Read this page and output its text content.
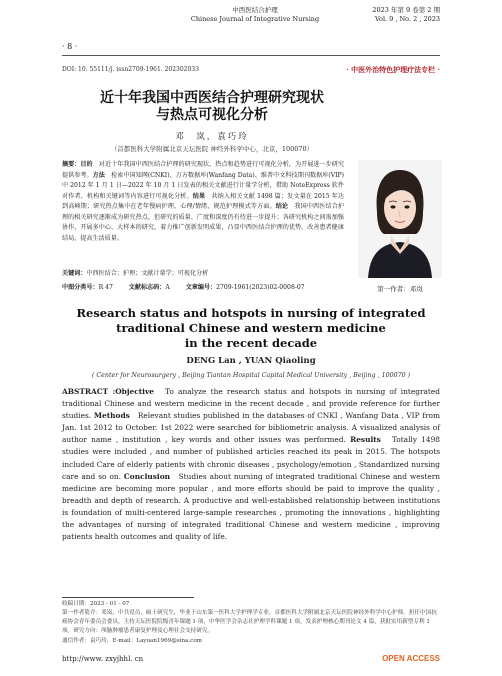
· 8 ·
中西医结合护理
Chinese Journal of Integrative Nursing
2023 年第 9 卷第 2 期
Vol. 9 , No. 2 , 2023
DOI: 10. 55111/j. issn2709-1961. 202302033	· 中医外治特色护理疗法专栏 ·
近十年我国中西医结合护理研究现状
与热点可视化分析
邓　岚，袁巧玲
（首都医科大学附属北京天坛医院 神经外科学中心，北京，100070）
摘要：目的　对近十年我国中西医结合护理的研究现状、热点和趋势进行可视化分析，为开展进一步研究提供参考。方法　检索中国知网(CNKI)、万方数据库(Wanfang Data)、维普中文科技期刊数据库(VIP)中 2012 年 1 月 1 日—2022 年 10 月 1 日发表的相关文献进行计量学分析，借助 NoteExpress 软件对作者、机构和关键词等内容进行可视化分析。结果　共纳入相关文献 1498 篇；发文量在 2015 年达到高峰期；研究热点集中在老年慢病护理、心理/情绪、规范护理模式等方面。结论　我国中西医结合护理的相关研究逐渐成为研究热点，但研究的质量、广度和深度仍有待进一步提升；各研究机构之间需加强协作，开展多中心、大样本的研究，着力推广创新发明成果，凸显中西医结合护理的优势，改善患者健康结局，提高生活质量。
关键词：中西医结合；护理；文献计量学；可视化分析
中图分类号：R 47	文献标志码：A	文章编号：2709-1961(2023)02-0008-07	第一作者：邓岚
Research status and hotspots in nursing of integrated
traditional Chinese and western medicine
in the recent decade
DENG Lan , YUAN Qiaoling
( Center for Neurosurgery , Beijing Tiantan Hospital Capital Medical University , Beijing , 100070 )
ABSTRACT :Objective　To analyze the research status and hotspots in nursing of integrated traditional Chinese and western medicine in the recent decade , and provide reference for further studies. Methods　Relevant studies published in the databases of CNKI , Wanfang Data , VIP from Jan. 1st 2012 to October. 1st 2022 were searched for bibliometric analysis. A visualized analysis of author name , institution , key words and other issues was performed. Results　Totally 1498 studies were included , and number of published articles reached its peak in 2015. The hotspots included Care of elderly patients with chronic diseases , psychology/emotion , Standardized nursing care and so on. Conclusion　Studies about nursing of integrated traditional Chinese and western medicine are becoming more popular , and more efforts should be paid to improve the quality , breadth and depth of research. A productive and well-established relationship between institutions is foundation of multi-centered large-sample researches , promoting the innovations , highlighting the advantages of nursing of integrated traditional Chinese and western medicine , improving patients health outcomes and quality of life.
收稿日期：2023 - 01 - 07
第一作者简介：邓岚，中共党员，硕士研究生，毕业于山东第一医科大学护理学专业，首都医科大学附属北京天坛医院神经外科学中心护师。担任中国抗癌协会青年委员会委员，主持天坛医院院级青年课题 1 项，中华医学会杂志社护理学科课题 1 项，发表护理核心期刊论文 4 篇，获批实用新型专利 1 项。研究方向：颅脑肿瘤患者康复护理及心理社会支持研究。
通信作者：袁巧玲，E-mail：Layuan1969@sina.com
http://www. zxyjhhl. cn	OPEN ACCESS
